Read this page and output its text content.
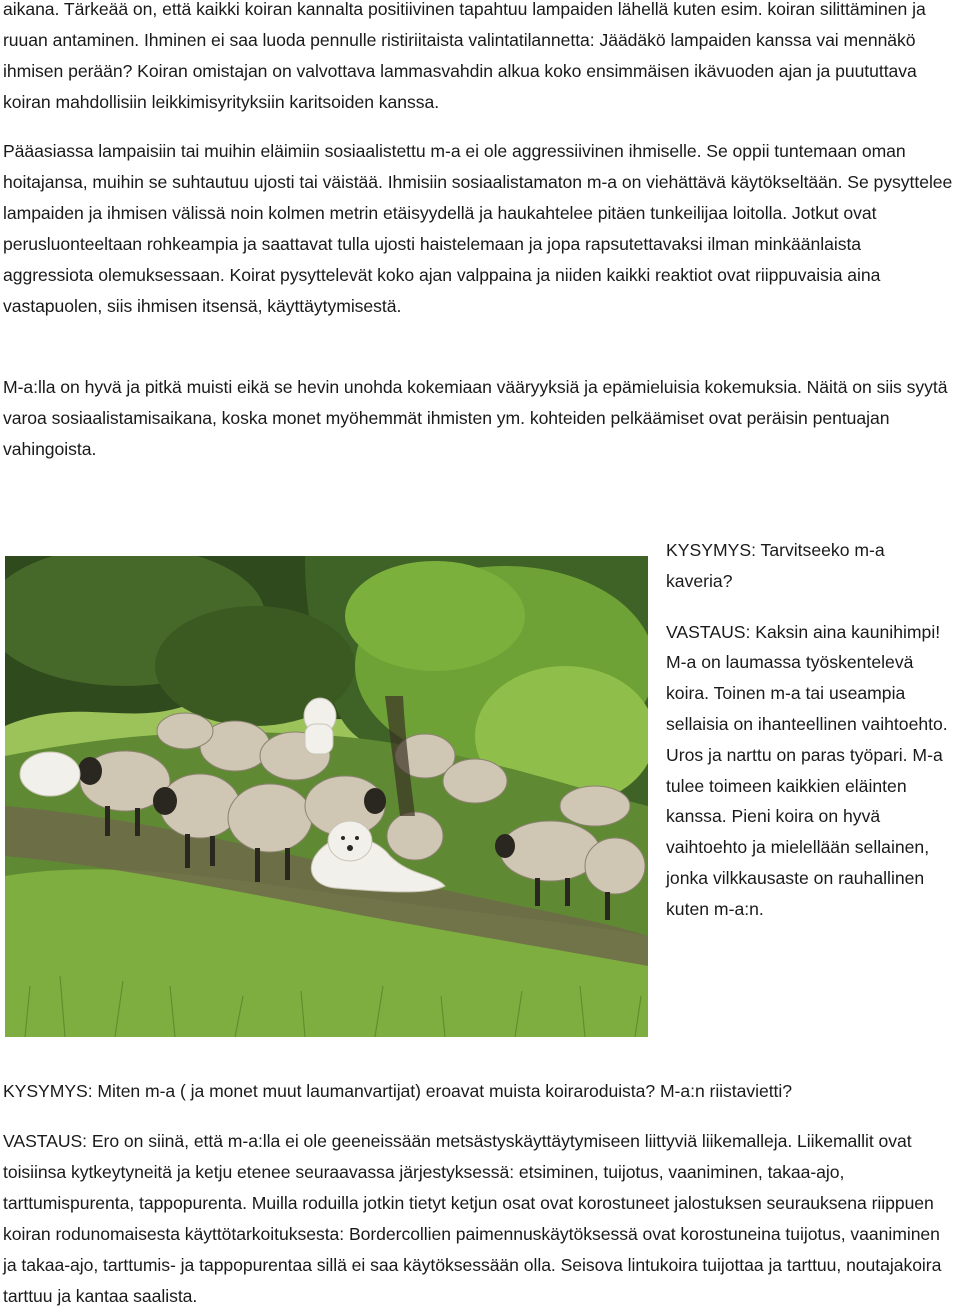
aikana. Tärkeää on, että kaikki koiran kannalta positiivinen tapahtuu lampaiden lähellä kuten esim. koiran silittäminen ja ruuan antaminen. Ihminen ei saa luoda pennulle ristiriitaista valintatilannetta: Jäädäkö lampaiden kanssa vai mennäkö ihmisen perään? Koiran omistajan on valvottava lammasvahdin alkua koko ensimmäisen ikävuoden ajan ja puututtava koiran mahdollisiin leikkimisyrityksiin karitsoiden kanssa.

Pääasiassa lampaisiin tai muihin eläimiin sosiaalistettu m-a ei ole aggressiivinen ihmiselle. Se oppii tuntemaan oman hoitajansa, muihin se suhtautuu ujosti tai väistää. Ihmisiin sosiaalistamaton m-a on viehättävä käytökseltään. Se pysyttelee lampaiden ja ihmisen välissä noin kolmen metrin etäisyydellä ja haukahtelee pitäen tunkeilijaa loitolla. Jotkut ovat perusluonteeltaan rohkeampia ja saattavat tulla ujosti haistelemaan ja jopa rapsutettavaksi ilman minkäänlaista aggressiota olemuksessaan. Koirat pysyttelevät koko ajan valppaina ja niiden kaikki reaktiot ovat riippuvaisia aina vastapuolen, siis ihmisen itsensä, käyttäytymisestä.

M-a:lla on hyvä ja pitkä muisti eikä se hevin unohda kokemiaan vääryyksiä ja epämieluisia kokemuksia. Näitä on siis syytä varoa sosiaalistamisaikana, koska monet myöhemmät ihmisten ym. kohteiden pelkäämiset ovat peräisin pentuajan vahingoista.

KYSYMYS: Tarvitseeko m-a kaveria?

VASTAUS: Kaksin aina kaunihimpi! M-a on laumassa työskentelevä koira. Toinen m-a tai useampia sellaisia on ihanteellinen vaihtoehto. Uros ja narttu on paras työpari. M-a tulee toimeen kaikkien eläinten kanssa. Pieni koira on hyvä vaihtoehto ja mielellään sellainen, jonka vilkkausaste on rauhallinen kuten m-a:n.

KYSYMYS: Miten m-a ( ja monet muut laumanvartijat) eroavat muista koiraroduista? M-a:n riistavietti?

VASTAUS: Ero on siinä, että m-a:lla ei ole geeneissään metsästyskäyttäytymiseen liittyviä liikemalleja. Liikemallit ovat toisiinsa kytkeytyneitä ja ketju etenee seuraavassa järjestyksessä: etsiminen, tuijotus, vaaniminen, takaa-ajo, tarttumispurenta, tappopurenta. Muilla roduilla jotkin tietyt ketjun osat ovat korostuneet jalostuksen seurauksena riippuen koiran rodunomaisesta käyttötarkoituksesta: Bordercollien paimennuskäytöksessä ovat korostuneina tuijotus, vaaniminen ja takaa-ajo, tarttumis- ja tappopurentaa sillä ei saa käytöksessään olla. Seisova lintukoira tuijottaa ja tarttuu, noutajakoira tarttuu ja kantaa saalista.
